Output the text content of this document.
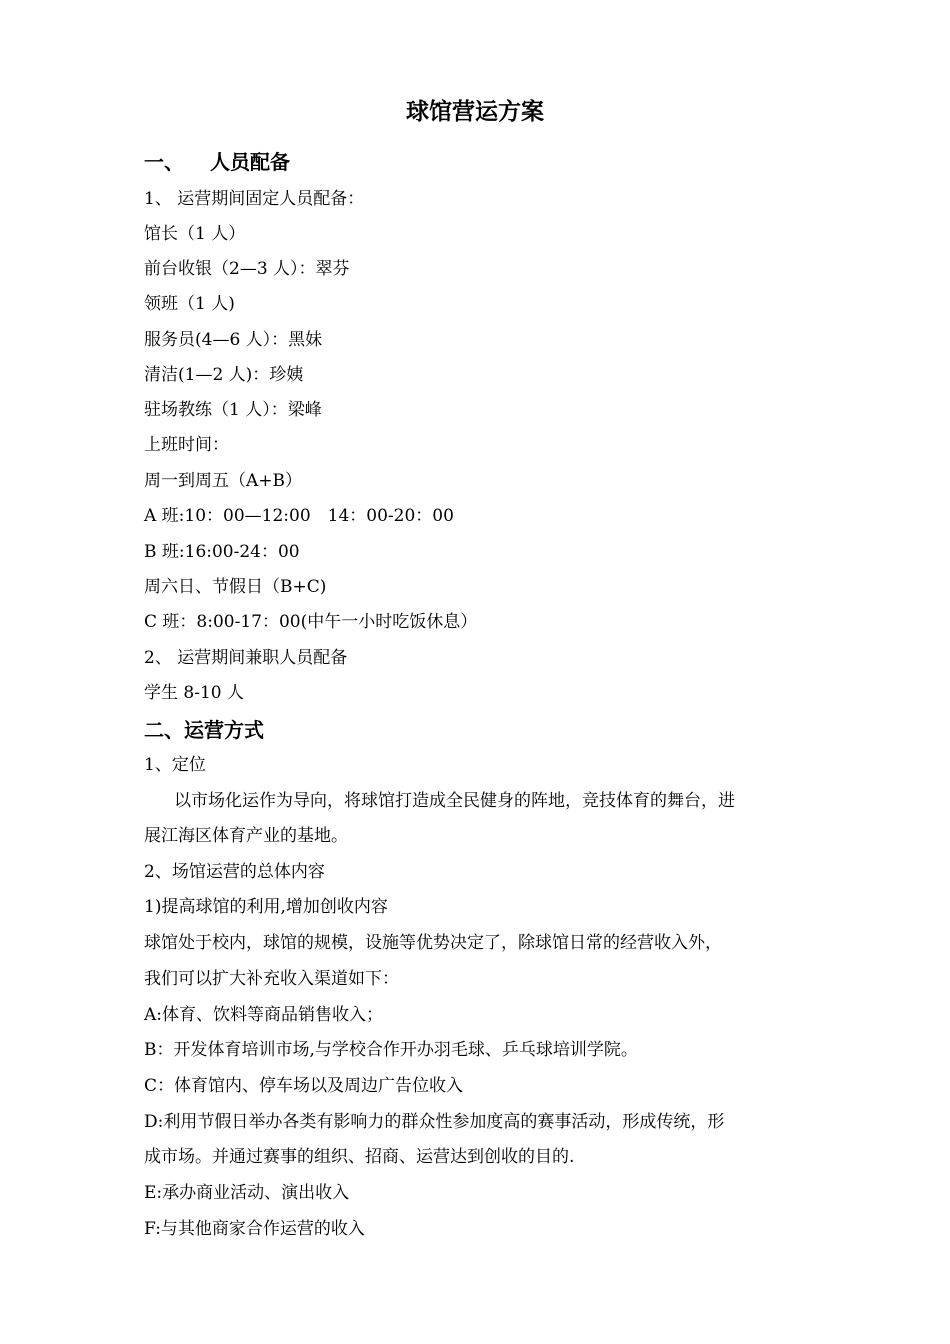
球馆营运方案
一、 人员配备
1、 运营期间固定人员配备：
馆长（1 人）
前台收银（2—3 人）：翠芬
领班（1 人)
服务员(4—6 人）：黑妹
清洁(1—2 人)：珍姨
驻场教练（1 人）：梁峰
上班时间：
周一到周五（A+B）
A 班:10：00—12:00　14：00-20：00
B 班:16:00-24：00
周六日、节假日（B+C)
C 班：8:00-17：00(中午一小时吃饭休息）
2、 运营期间兼职人员配备
学生 8-10 人
二、运营方式
1、定位
以市场化运作为导向，将球馆打造成全民健身的阵地，竞技体育的舞台，进
展江海区体育产业的基地。
2、场馆运营的总体内容
1)提高球馆的利用,增加创收内容
球馆处于校内，球馆的规模，设施等优势决定了，除球馆日常的经营收入外，
我们可以扩大补充收入渠道如下：
A:体育、饮料等商品销售收入；
B：开发体育培训市场,与学校合作开办羽毛球、乒乓球培训学院。
C：体育馆内、停车场以及周边广告位收入
D:利用节假日举办各类有影响力的群众性参加度高的赛事活动，形成传统，形
成市场。并通过赛事的组织、招商、运营达到创收的目的.
E:承办商业活动、演出收入
F:与其他商家合作运营的收入
